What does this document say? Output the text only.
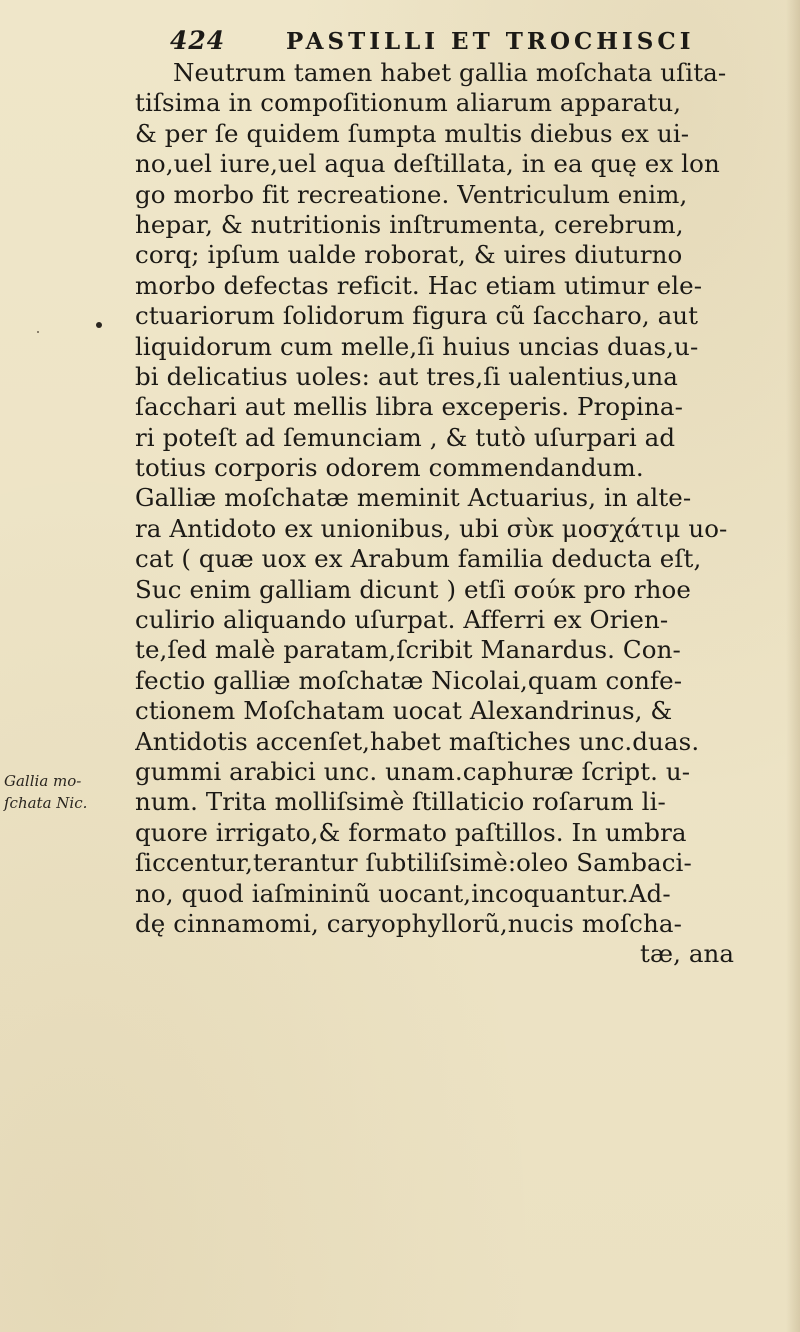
424	PASTILLI ET TROCHISCI
Gallia mo-
ſchata Nic.
Neutrum tamen habet gallia moſchata uſita-
tiſsima in compoſitionum aliarum apparatu,
& per ſe quidem ſumpta multis diebus ex ui-
no,uel iure,uel aqua deſtillata, in ea quę ex lon
go morbo fit recreatione. Ventriculum enim,
hepar, & nutritionis inſtrumenta, cerebrum,
corq; ipſum ualde roborat, & uires diuturno
morbo defectas reficit. Hac etiam utimur ele-
ctuariorum ſolidorum figura cũ ſaccharo, aut
liquidorum cum melle,ſi huius uncias duas,u-
bi delicatius uoles: aut tres,ſi ualentius,una
ſacchari aut mellis libra exceperis. Propina-
ri poteſt ad ſemunciam , & tutò uſurpari ad
totius corporis odorem commendandum.
Galliæ moſchatæ meminit Actuarius, in alte-
ra Antidoto ex unionibus, ubi σὺκ μοσχάτιμ uo-
cat ( quæ uox ex Arabum familia deducta eſt,
Suc enim galliam dicunt ) etſi σούκ pro rhoe
culirio aliquando uſurpat. Afferri ex Orien-
te,ſed malè paratam,ſcribit Manardus. Con-
fectio galliæ moſchatæ Nicolai,quam confe-
ctionem Moſchatam uocat Alexandrinus, &
Antidotis accenſet,habet maſtiches unc.duas.
gummi arabici unc. unam.caphuræ ſcript. u-
num. Trita molliſsimè ſtillaticio roſarum li-
quore irrigato,& formato paſtillos. In umbra
ſiccentur,terantur ſubtiliſsimè:oleo Sambaci-
no, quod iaſmininũ uocant,incoquantur.Ad-
dę cinnamomi, caryophyllorũ,nucis moſcha-
tæ, ana
